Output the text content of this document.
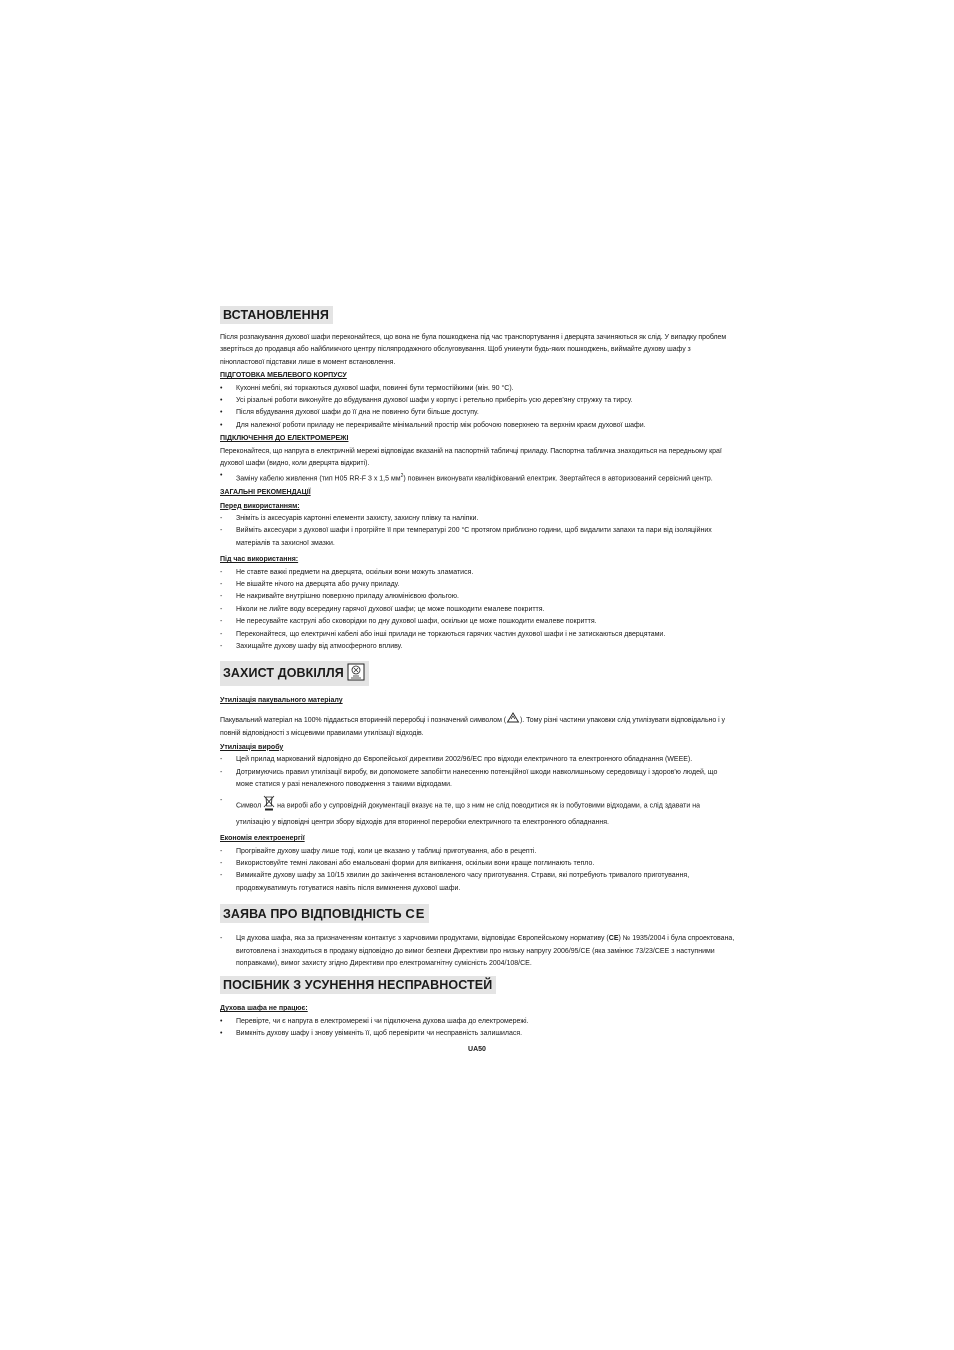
ВСТАНОВЛЕННЯ

Після розпакування духової шафи переконайтеся, що вона не була пошкоджена під час транспортування і дверцята зачиняються як слід. У випадку проблем звертіться до продавця або найближчого центру післяпродажного обслуговування. Щоб уникнути будь-яких пошкоджень, виймайте духову шафу з пінопластової підставки лише в момент встановлення.

ПІДГОТОВКА МЕБЛЕВОГО КОРПУСУ
• Кухонні меблі, які торкаються духової шафи, повинні бути термостійкими (мін. 90 °C).
• Усі різальні роботи виконуйте до вбудування духової шафи у корпус і ретельно приберіть усю дерев'яну стружку та тирсу.
• Після вбудування духової шафи до її дна не повинно бути більше доступу.
• Для належної роботи приладу не перекривайте мінімальний простір між робочою поверхнею та верхнім краєм духової шафи.
ПІДКЛЮЧЕННЯ ДО ЕЛЕКТРОМЕРЕЖІ

Переконайтеся, що напруга в електричній мережі відповідає вказаній на паспортній табличці приладу. Паспортна табличка знаходиться на передньому краї духової шафи (видно, коли дверцята відкриті).

• Заміну кабелю живлення (тип H05 RR-F 3 x 1,5 $мм^2$) повинен виконувати кваліфікований електрик. Звертайтеся в авторизований сервісний центр.
ЗАГАЛЬНІ РЕКОМЕНДАЦІЇ
Перед використанням:
- Зніміть із аксесуарів картонні елементи захисту, захисну плівку та наліпки.
- Вийміть аксесуари з духової шафи і прогрійте її при температурі 200 °C протягом приблизно години, щоб видалити запахи та пари від ізоляційних матеріалів та захисної змазки.
Під час використання:
- Не ставте важкі предмети на дверцята, оскільки вони можуть зламатися.
- Не вішайте нічого на дверцята або ручку приладу.
- Не накривайте внутрішню поверхню приладу алюмінієвою фольгою.
- Ніколи не лийте воду всередину гарячої духової шафи; це може пошкодити емалеве покриття.
- Не пересувайте каструлі або сковорідки по дну духової шафи, оскільки це може пошкодити емалеве покриття.
- Переконайтеся, що електричні кабелі або інші прилади не торкаються гарячих частин духової шафи і не затискаються дверцятами.
- Захищайте духову шафу від атмосферного впливу.
ЗАХИСТ ДОВКІЛЛЯ
Утилізація пакувального матеріалу

Пакувальний матеріал на 100% піддається вторинній переробці і позначений символом ( ). Тому різні частини упаковки слід утилізувати відповідально і у повній відповідності з місцевими правилами утилізації відходів.

Утилізація виробу
- Цей прилад маркований відповідно до Європейської директиви 2002/96/EC про відходи електричного та електронного обладнання (WEEE).
- Дотримуючись правил утилізації виробу, ви допоможете запобігти нанесенню потенційної шкоди навколишньому середовищу і здоров'ю людей, що може статися у разі неналежного поводження з такими відходами.
- Символ на виробі або у супровідній документації вказує на те, що з ним не слід поводитися як із побутовими відходами, а слід здавати на утилізацію у відповідні центри збору відходів для вторинної переробки електричного та електронного обладнання.
Економія електроенергії
- Прогрівайте духову шафу лише тоді, коли це вказано у таблиці приготування, або в рецепті.
- Використовуйте темні лаковані або емальовані форми для випікання, оскільки вони краще поглинають тепло.
- Вимикайте духову шафу за 10/15 хвилин до закінчення встановленого часу приготування. Страви, які потребують тривалого приготування, продовжуватимуть готуватися навіть після вимкнення духової шафи.
ЗАЯВА ПРО ВІДПОВІДНІСТЬ CE
- Ця духова шафа, яка за призначенням контактує з харчовими продуктами, відповідає Європейському нормативу (CE) № 1935/2004 і була спроектована, виготовлена і знаходиться в продажу відповідно до вимог безпеки Директиви про низьку напругу 2006/95/CE (яка замінює 73/23/CEE з наступними поправками), вимог захисту згідно Директиви про електромагнітну сумісність 2004/108/CE.
ПОСІБНИК З УСУНЕННЯ НЕСПРАВНОСТЕЙ
Духова шафа не працює:
• Перевірте, чи є напруга в електромережі і чи підключена духова шафа до електромережі.
• Вимкніть духову шафу і знову увімкніть її, щоб перевірити чи несправність залишилася.
UA50
